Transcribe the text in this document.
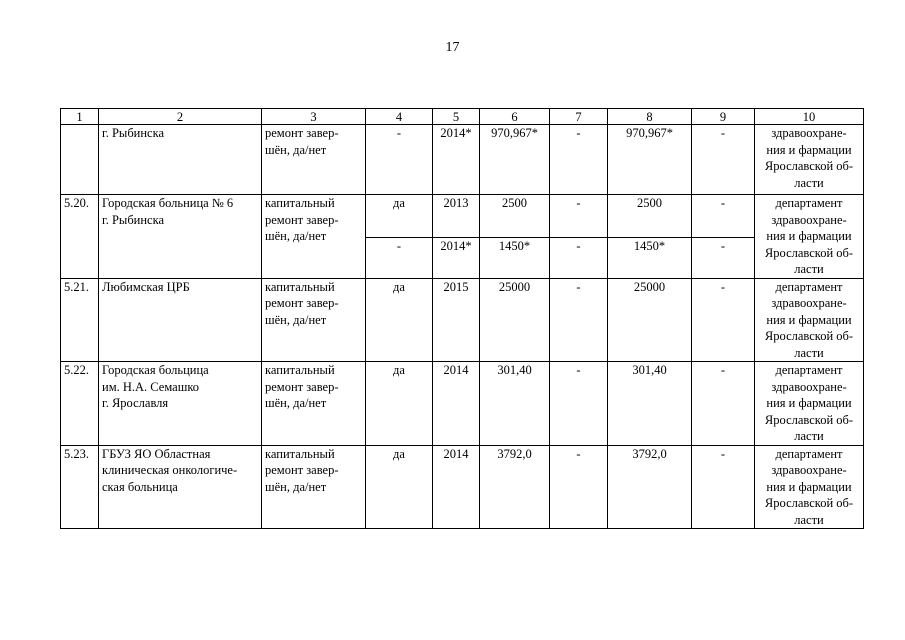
17
1	2	3	4	5	6	7	8	9	10

	г. Рыбинска	ремонт завер-
шён, да/нет	-	2014*	970,967*	-	970,967*	-	здравоохране-
ния и фармации
Ярославской об-
ласти

5.20.	Городская больница № 6
г. Рыбинска	капитальный
ремонт завер-
шён, да/нет	да	2013	2500	-	2500	-	департамент
здравоохране-
ния и фармации
Ярославской об-
ласти

			-	2014*	1450*	-	1450*	-	
5.21.	Любимская ЦРБ	капитальный
ремонт завер-
шён, да/нет	да	2015	25000	-	25000	-	департамент
здравоохране-
ния и фармации
Ярославской об-
ласти

5.22.	Городская больцица
им. Н.А. Семашко
г. Ярославля	капитальный
ремонт завер-
шён, да/нет	да	2014	301,40	-	301,40	-	департамент
здравоохране-
ния и фармации
Ярославской об-
ласти

5.23.	ГБУЗ ЯО Областная
клиническая онкологиче-
ская больница	капитальный
ремонт завер-
шён, да/нет	да	2014	3792,0	-	3792,0	-	департамент
здравоохране-
ния и фармации
Ярославской об-
ласти
